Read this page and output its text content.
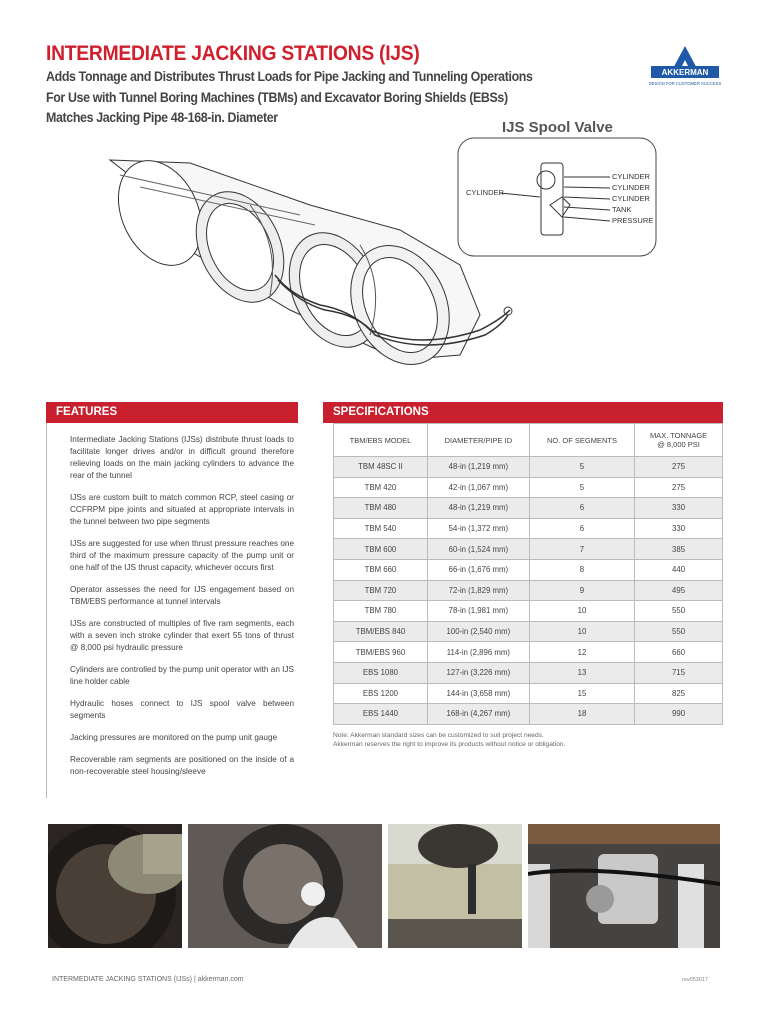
INTERMEDIATE JACKING STATIONS (IJS)
Adds Tonnage and Distributes Thrust Loads for Pipe Jacking and Tunneling Operations
For Use with Tunnel Boring Machines (TBMs) and Excavator Boring Shields (EBSs)
Matches Jacking Pipe 48-168-in. Diameter
AKKERMAN
DESIGN FOR CUSTOMER SUCCESS
IJS Spool Valve
CYLINDER
CYLINDER
CYLINDER
CYLINDER
TANK
PRESSURE
FEATURES
Intermediate Jacking Stations (IJSs) distribute thrust loads to facilitate longer drives and/or in difficult ground therefore relieving loads on the main jacking cylinders to advance the rear of the tunnel
IJSs are custom built to match common RCP, steel casing or CCFRPM pipe joints and situated at appropriate intervals in the tunnel between two pipe segments
IJSs are suggested for use when thrust pressure reaches one third of the maximum pressure capacity of the pump unit or one half of the IJS thrust capacity, whichever occurs first
Operator assesses the need for IJS engagement based on TBM/EBS performance at tunnel intervals
IJSs are constructed of multiples of five ram segments, each with a seven inch stroke cylinder that exert 55 tons of thrust @ 8,000 psi hydraulic pressure
Cylinders are controlled by the pump unit operator with an IJS line holder cable
Hydraulic hoses connect to IJS spool valve between segments
Jacking pressures are monitored on the pump unit gauge
Recoverable ram segments are positioned on the inside of a non-recoverable steel housing/sleeve
SPECIFICATIONS
TBM/EBS MODEL	DIAMETER/PIPE ID	NO. OF SEGMENTS	MAX. TONNAGE
@ 8,000 PSI
TBM 48SC II	48-in (1,219 mm)	5	275
TBM 420	42-in (1,067 mm)	5	275
TBM 480	48-in (1,219 mm)	6	330
TBM 540	54-in (1,372 mm)	6	330
TBM 600	60-in (1,524 mm)	7	385
TBM 660	66-in (1,676 mm)	8	440
TBM 720	72-in (1,829 mm)	9	495
TBM 780	78-in (1,981 mm)	10	550
TBM/EBS 840	100-in (2,540 mm)	10	550
TBM/EBS 960	114-in (2,896 mm)	12	660
EBS 1080	127-in (3,226 mm)	13	715
EBS 1200	144-in (3,658 mm)	15	825
EBS 1440	168-in (4,267 mm)	18	990
Note: Akkerman standard sizes can be customized to suit project needs.
Akkerman reserves the right to improve its products without notice or obligation.
INTERMEDIATE JACKING STATIONS (IJSs) | akkerman.com	rev053017
